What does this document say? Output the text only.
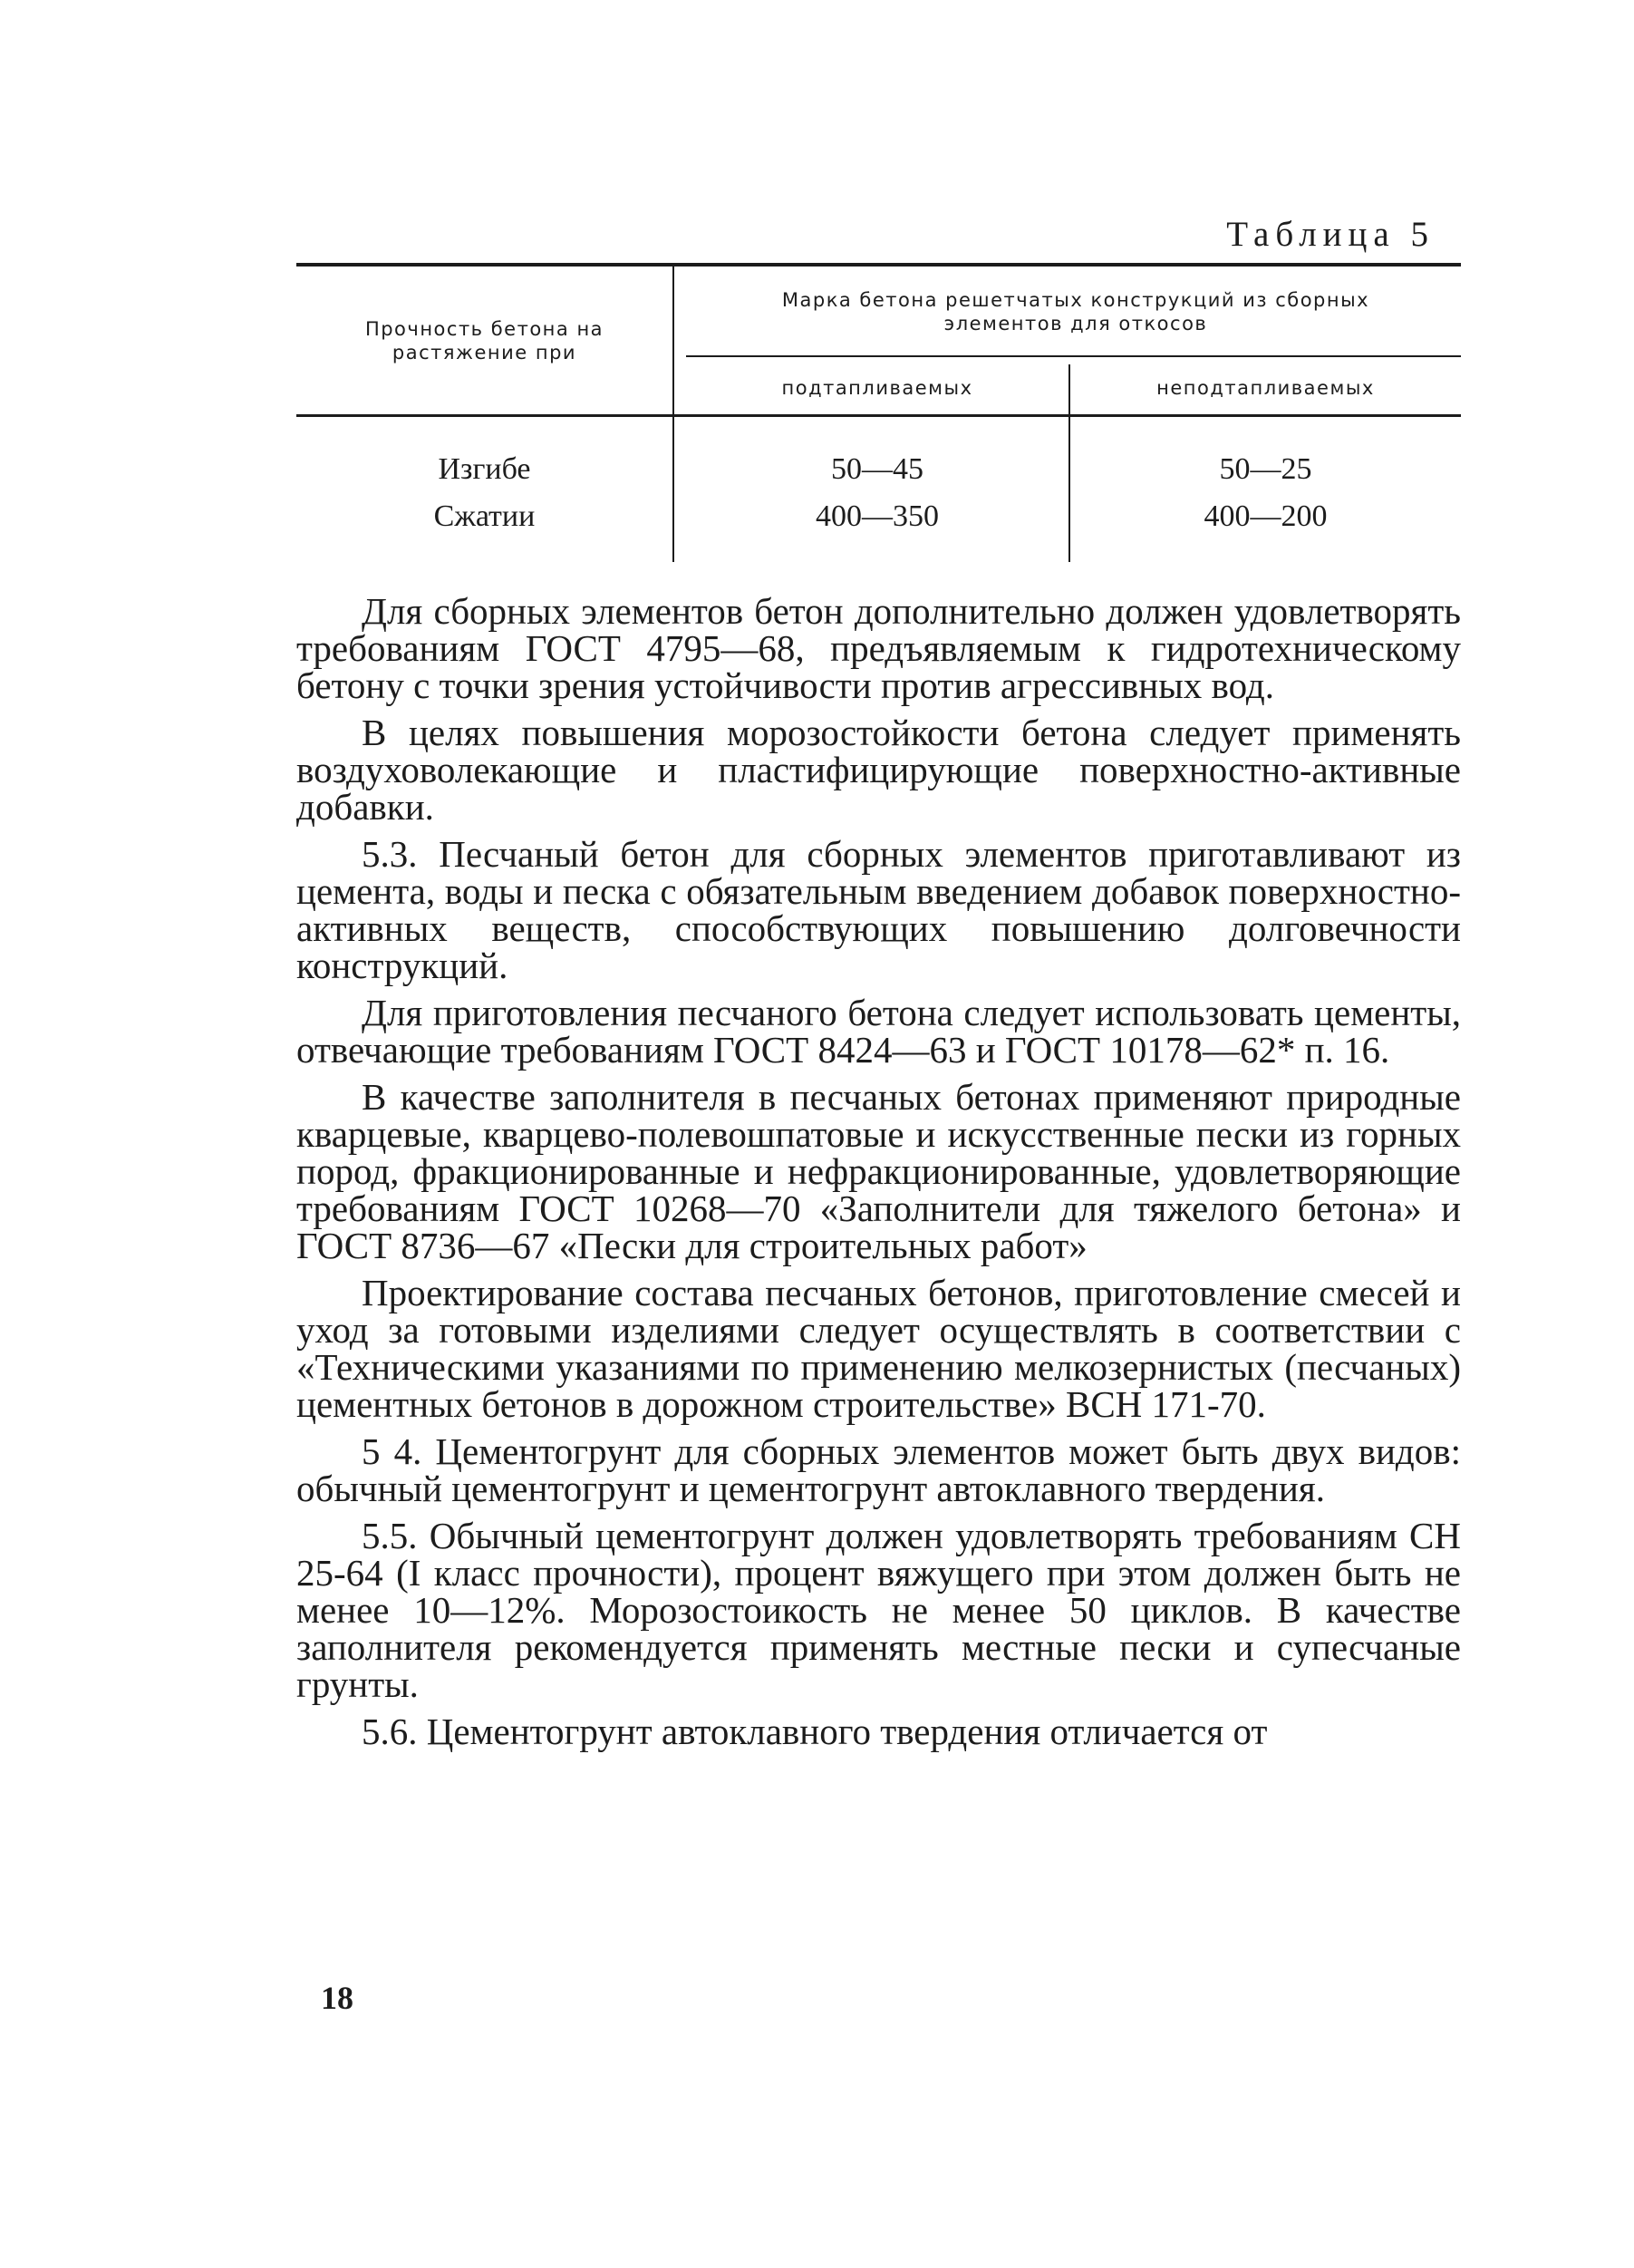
Таблица 5
Прочность бетона на растяжение при
Марка бетона решетчатых конструкций из сборных элементов для откосов
подтапливаемых	неподтапливаемых
Изгибе	50—45	50—25
Сжатии	400—350	400—200

Для сборных элементов бетон дополнительно должен удовлетворять требованиям ГОСТ 4795—68, предъявляемым к гидротехническому бетону с точки зрения устойчивости против агрессивных вод.

В целях повышения морозостойкости бетона следует применять воздуховолекающие и пластифицирующие поверхностно-активные добавки.

5.3. Песчаный бетон для сборных элементов приготавливают из цемента, воды и песка с обязательным введением добавок поверхностно-активных веществ, способствующих повышению долговечности конструкций.

Для приготовления песчаного бетона следует использовать цементы, отвечающие требованиям ГОСТ 8424—63 и ГОСТ 10178—62* п. 16.

В качестве заполнителя в песчаных бетонах применяют природные кварцевые, кварцево-полевошпатовые и искусственные пески из горных пород, фракционированные и нефракционированные, удовлетворяющие требованиям ГОСТ 10268—70 «Заполнители для тяжелого бетона» и ГОСТ 8736—67 «Пески для строительных работ»

Проектирование состава песчаных бетонов, приготовление смесей и уход за готовыми изделиями следует осуществлять в соответствии с «Техническими указаниями по применению мелкозернистых (песчаных) цементных бетонов в дорожном строительстве» ВСН 171-70.

5 4. Цементогрунт для сборных элементов может быть двух видов: обычный цементогрунт и цементогрунт автоклавного твердения.

5.5. Обычный цементогрунт должен удовлетворять требованиям СН 25-64 (I класс прочности), процент вяжущего при этом должен быть не менее 10—12%. Морозостоикость не менее 50 циклов. В качестве заполнителя рекомендуется применять местные пески и супесчаные грунты.

5.6. Цементогрунт автоклавного твердения отличается от

18
